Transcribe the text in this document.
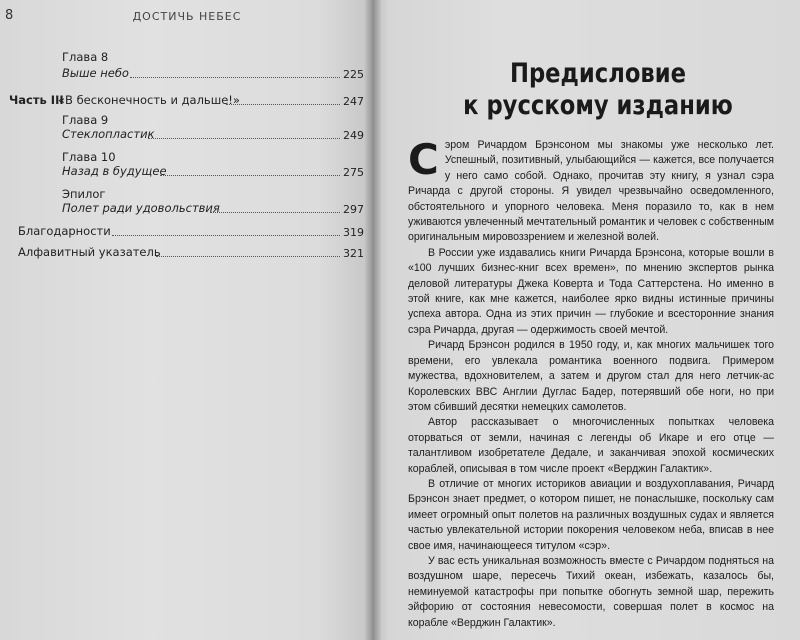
8	ДОСТИЧЬ НЕБЕС
Глава 8
Выше небо	225
Часть III
«В бесконечность и дальше!»	247
Глава 9
Стеклопластик	249
Глава 10
Назад в будущее	275
Эпилог
Полет ради удовольствия	297
Благодарности	319
Алфавитный указатель	321
Предисловие
к русскому изданию

Сэром Ричардом Брэнсоном мы знакомы уже несколько лет. Успешный, позитивный, улыбающийся — кажется, все получается у него само собой. Однако, прочитав эту книгу, я узнал сэра Ричарда с другой стороны. Я увидел чрезвычайно осведомленного, обстоятельного и упорного человека. Меня поразило то, как в нем уживаются увлеченный мечтательный романтик и человек с собственным оригинальным мировоззрением и железной волей.

В России уже издавались книги Ричарда Брэнсона, которые вошли в «100 лучших бизнес-книг всех времен», по мнению экспертов рынка деловой литературы Джека Коверта и Тода Саттерстена. Но именно в этой книге, как мне кажется, наиболее ярко видны истинные причины успеха автора. Одна из этих причин — глубокие и всесторонние знания сэра Ричарда, другая — одержимость своей мечтой.

Ричард Брэнсон родился в 1950 году, и, как многих мальчишек того времени, его увлекала романтика военного подвига. Примером мужества, вдохновителем, а затем и другом стал для него летчик-ас Королевских ВВС Англии Дуглас Бадер, потерявший обе ноги, но при этом сбивший десятки немецких самолетов.

Автор рассказывает о многочисленных попытках человека оторваться от земли, начиная с легенды об Икаре и его отце — талантливом изобретателе Дедале, и заканчивая эпохой космических кораблей, описывая в том числе проект «Верджин Галактик».

В отличие от многих историков авиации и воздухоплавания, Ричард Брэнсон знает предмет, о котором пишет, не понаслышке, поскольку сам имеет огромный опыт полетов на различных воздушных судах и является частью увлекательной истории покорения человеком неба, вписав в нее свое имя, начинающееся титулом «сэр».

У вас есть уникальная возможность вместе с Ричардом подняться на воздушном шаре, пересечь Тихий океан, избежать, казалось бы, неминуемой катастрофы при попытке обогнуть земной шар, пережить эйфорию от состояния невесомости, совершая полет в космос на корабле «Верджин Галактик».
